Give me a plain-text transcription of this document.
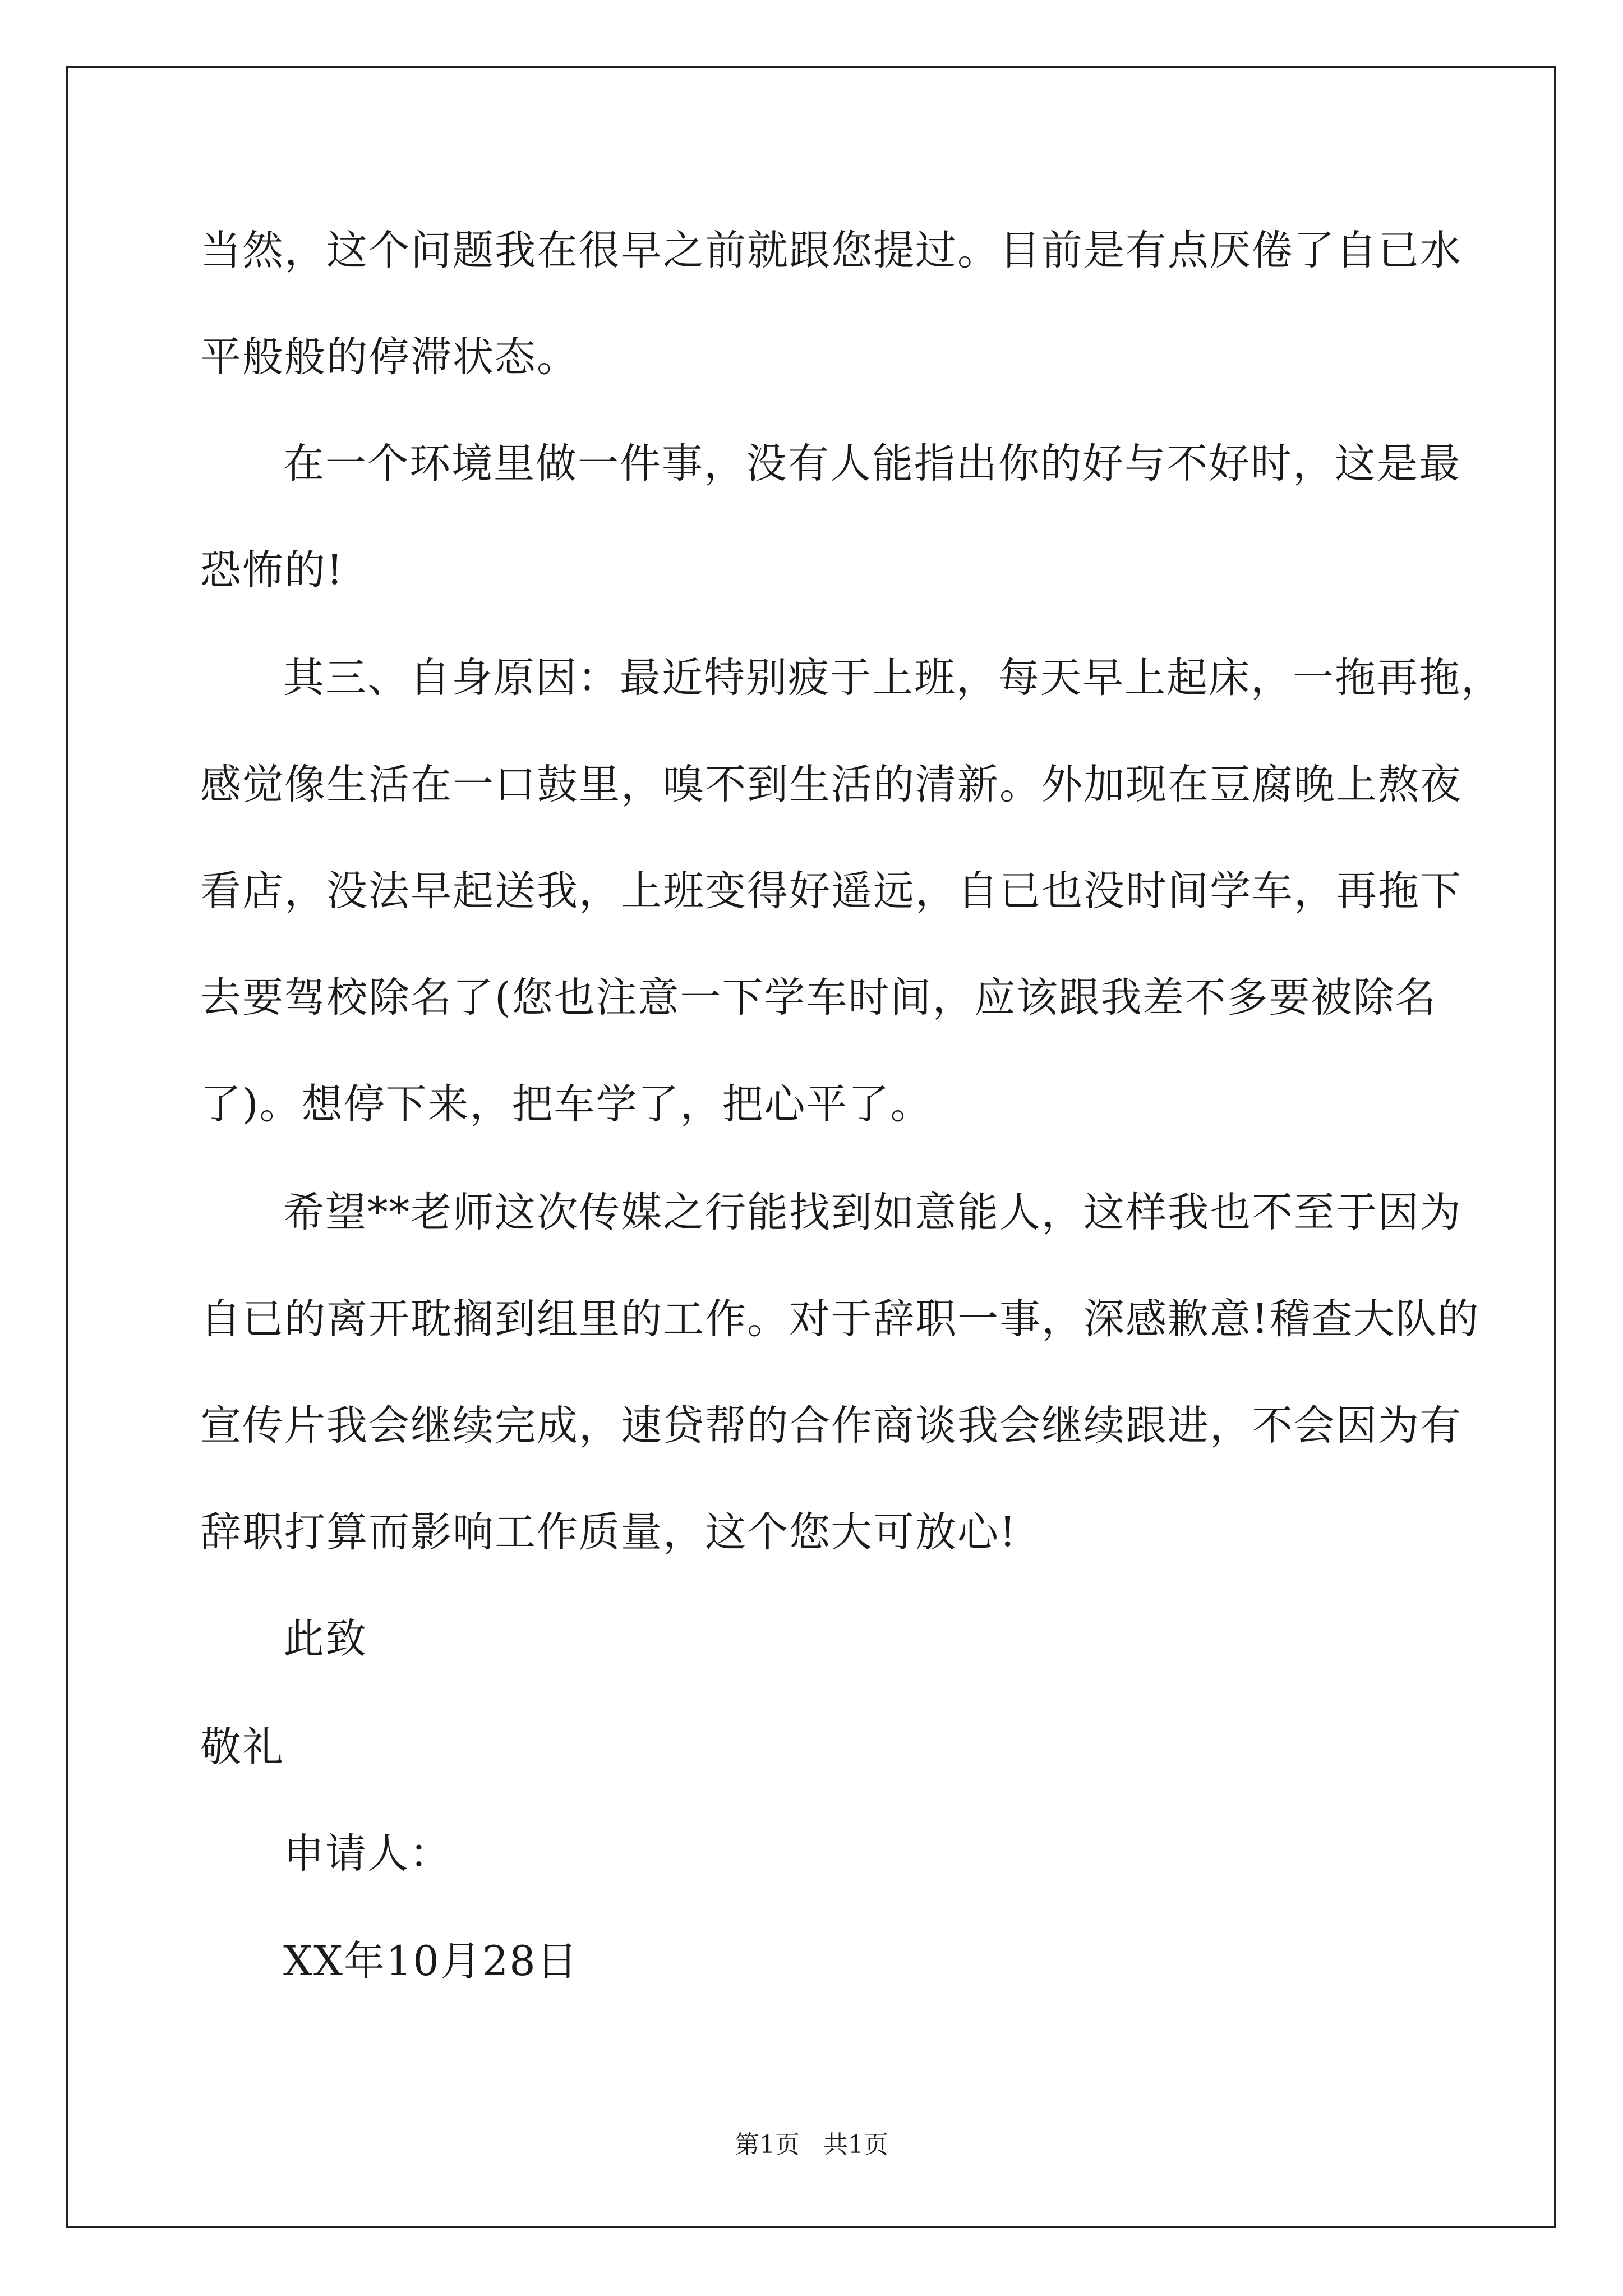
当然，这个问题我在很早之前就跟您提过。目前是有点厌倦了自已水

平般般的停滞状态。

在一个环境里做一件事，没有人能指出你的好与不好时，这是最

恐怖的!

其三、自身原因：最近特别疲于上班，每天早上起床，一拖再拖，

感觉像生活在一口鼓里，嗅不到生活的清新。外加现在豆腐晚上熬夜

看店，没法早起送我，上班变得好遥远，自已也没时间学车，再拖下

去要驾校除名了(您也注意一下学车时间，应该跟我差不多要被除名

了)。想停下来，把车学了，把心平了。

希望**老师这次传媒之行能找到如意能人，这样我也不至于因为

自已的离开耽搁到组里的工作。对于辞职一事，深感歉意!稽查大队的

宣传片我会继续完成，速贷帮的合作商谈我会继续跟进，不会因为有

辞职打算而影响工作质量，这个您大可放心!

此致

敬礼

申请人：

XX年10月28日

第1页 共1页
